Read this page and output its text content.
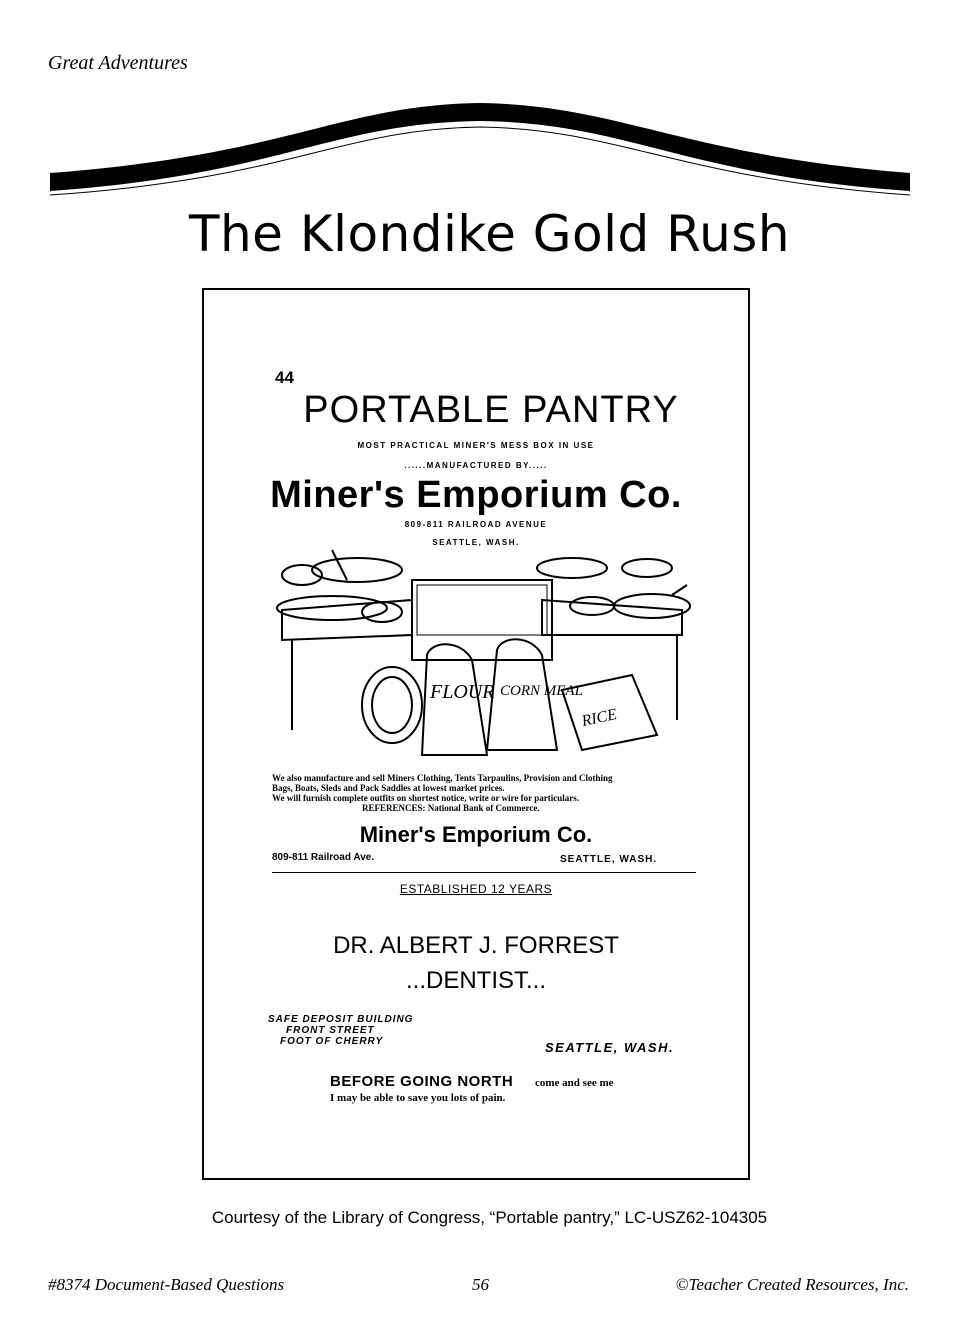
Great Adventures
The Klondike Gold Rush
44
PORTABLE PANTRY
MOST PRACTICAL MINER'S MESS BOX IN USE
......MANUFACTURED BY.....
Miner's Emporium Co.
809-811 RAILROAD AVENUE
SEATTLE, WASH.
FLOUR CORN MEAL
RICE
We also manufacture and sell Miners Clothing, Tents Tarpaulins, Provision and Clothing
Bags, Boats, Sleds and Pack Saddles at lowest market prices.
We will furnish complete outfits on shortest notice, write or wire for particulars.
REFERENCES: National Bank of Commerce.
Miner's Emporium Co.
809-811 Railroad Ave.	SEATTLE, WASH.
ESTABLISHED 12 YEARS
DR. ALBERT J. FORREST
...DENTIST...
SAFE DEPOSIT BUILDING
FRONT STREET
FOOT OF CHERRY	SEATTLE, WASH.
BEFORE GOING NORTH come and see me
I may be able to save you lots of pain.
Courtesy of the Library of Congress, “Portable pantry,” LC-USZ62-104305
#8374 Document-Based Questions	56	©Teacher Created Resources, Inc.
